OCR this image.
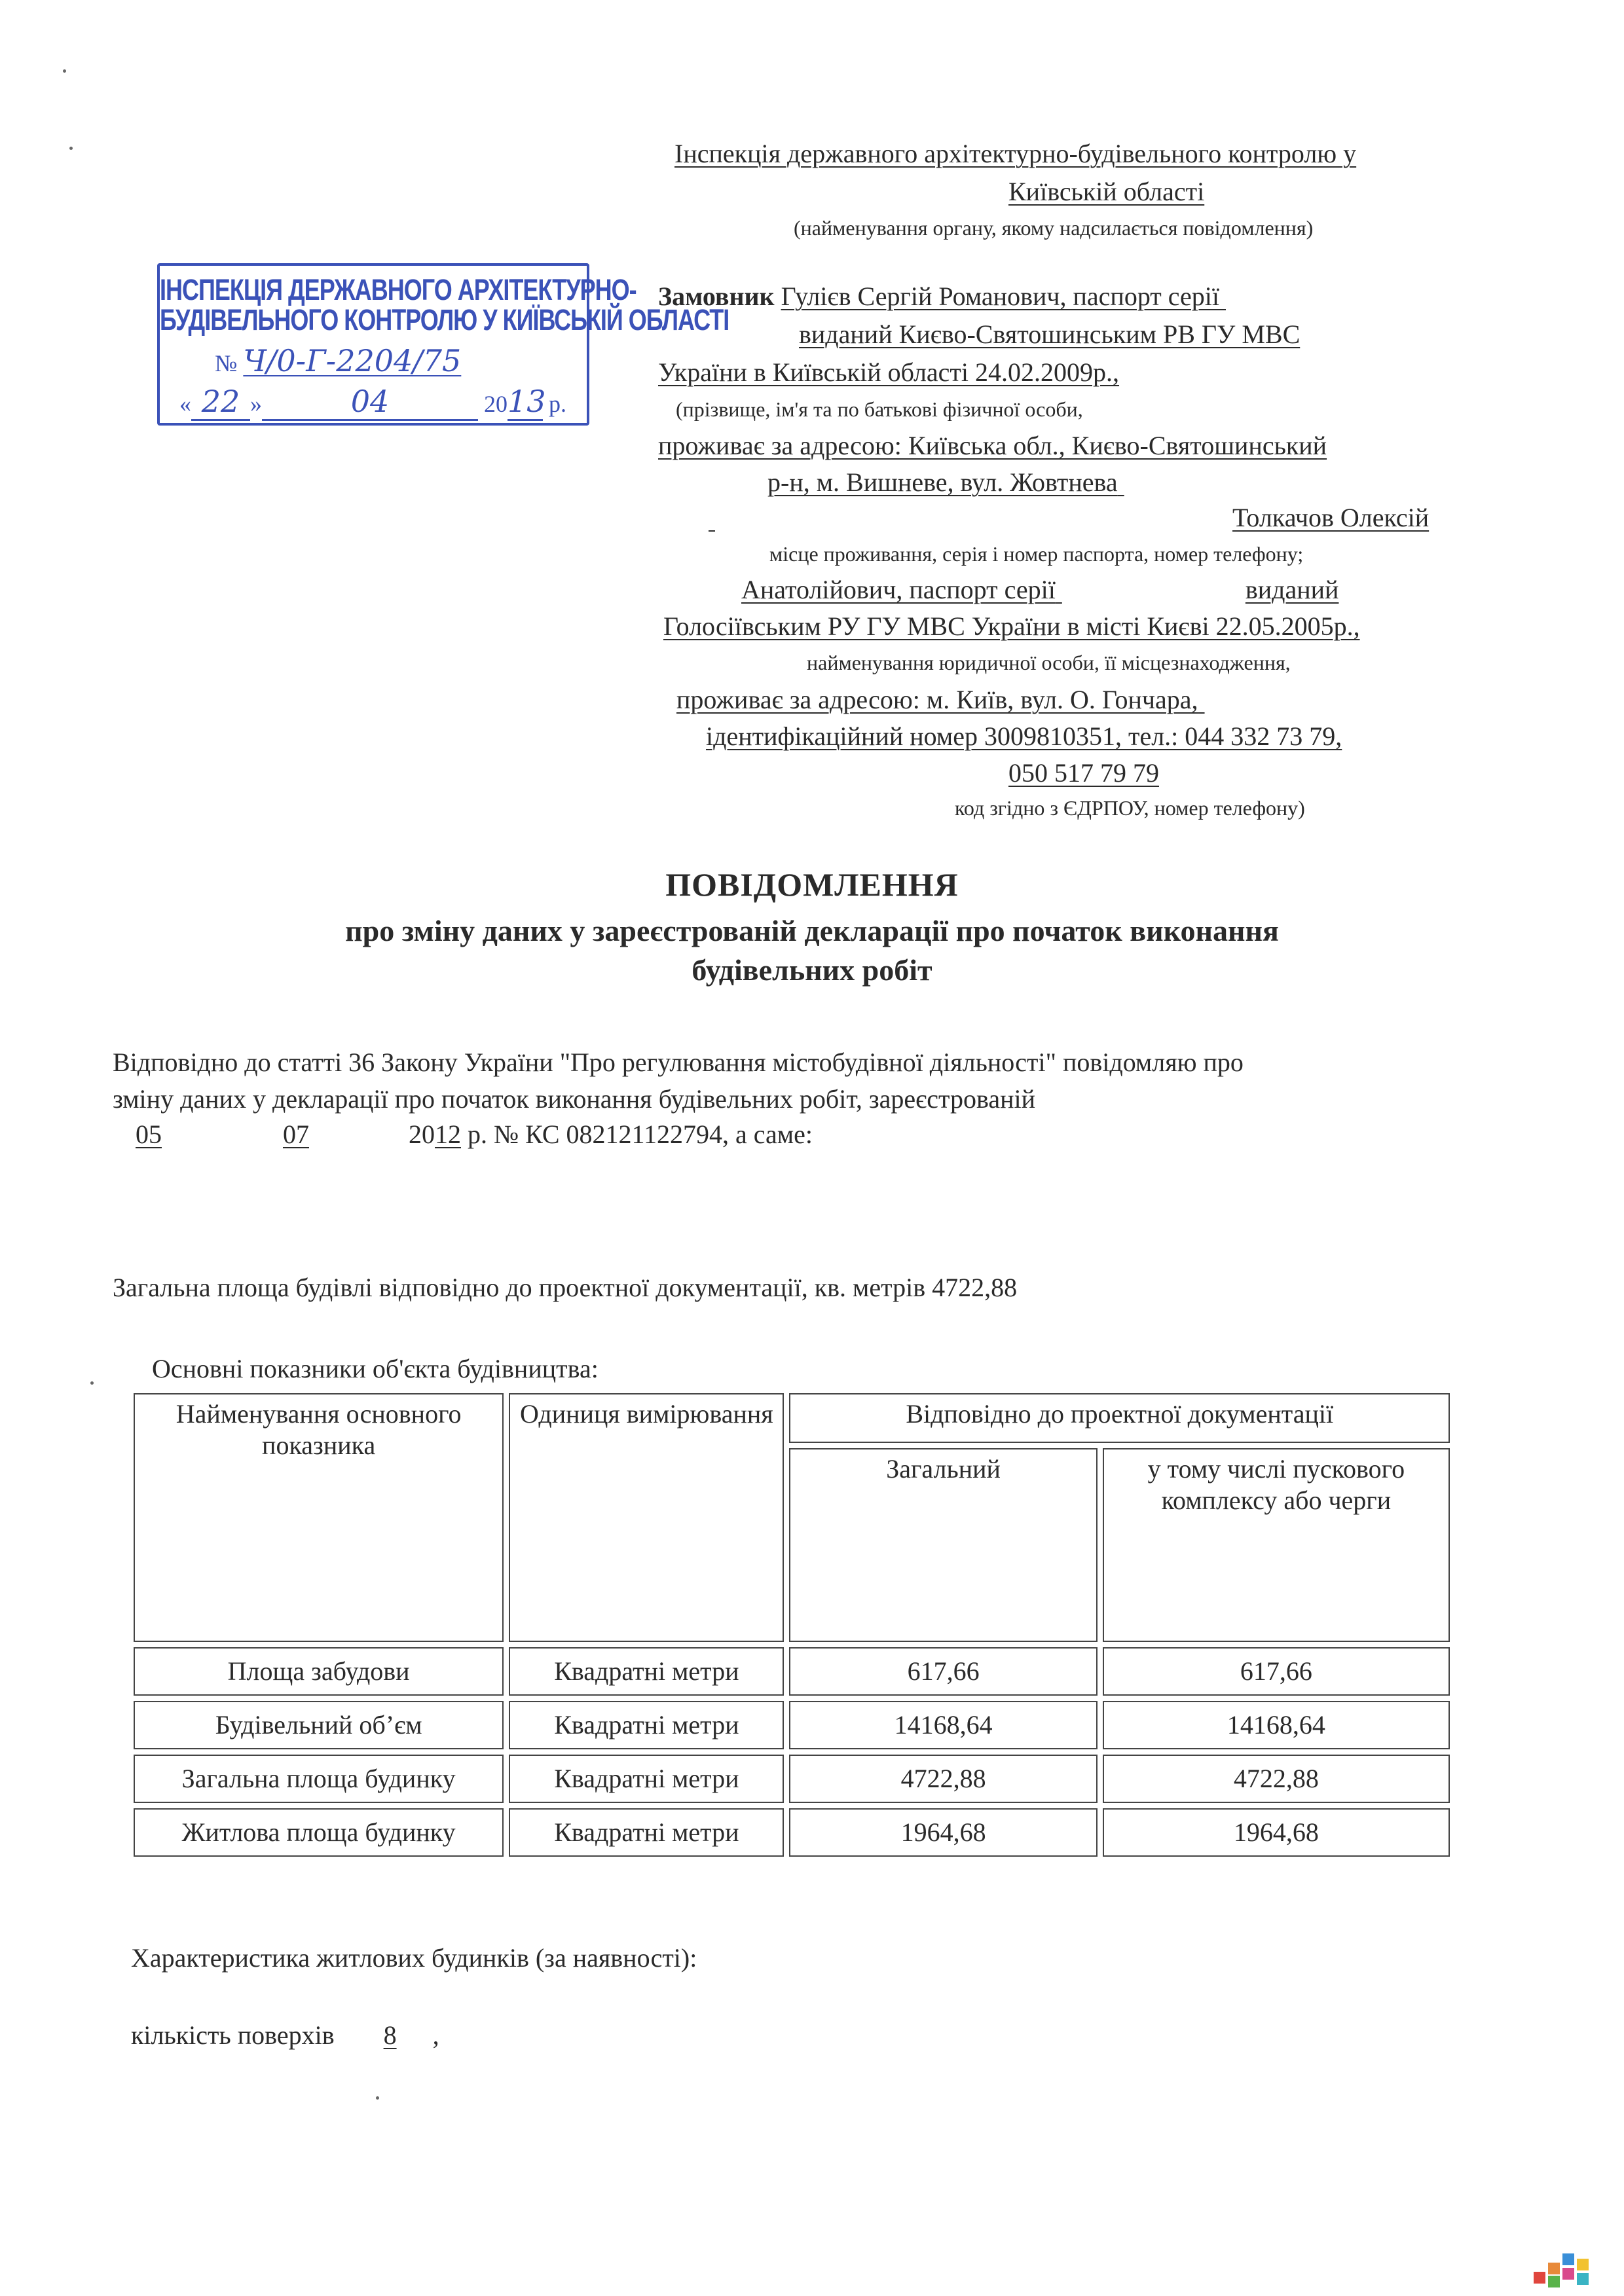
Інспекція державного архітектурно-будівельного контролю у
Київській області
(найменування органу, якому надсилається повідомлення)
ІНСПЕКЦІЯ ДЕРЖАВНОГО АРХІТЕКТУРНО-
БУДІВЕЛЬНОГО КОНТРОЛЮ У КИЇВСЬКІЙ ОБЛАСТІ
№ Ч/0-Г-2204/75
« 22 »	04	2013 р.
Замовник Гулієв Сергій Романович, паспорт серії
виданий Києво-Святошинським РВ ГУ МВС
України в Київській області 24.02.2009р.,
(прізвище, ім'я та по батькові фізичної особи,
проживає за адресою: Київська обл., Києво-Святошинський
р-н, м. Вишневе, вул. Жовтнева
Толкачов Олексій
місце проживання, серія і номер паспорта, номер телефону;
Анатолійович, паспорт серії	виданий
Голосіївським РУ ГУ МВС України в місті Києві 22.05.2005р.,
найменування юридичної особи, її місцезнаходження,
проживає за адресою: м. Київ, вул. О. Гончара,
ідентифікаційний номер 3009810351, тел.: 044 332 73 79,
050 517 79 79
код згідно з ЄДРПОУ, номер телефону)
ПОВІДОМЛЕННЯ
про зміну даних у зареєстрованій декларації про початок виконання
будівельних робіт
Відповідно до статті 36 Закону України "Про регулювання містобудівної діяльності" повідомляю про
зміну даних у декларації про початок виконання будівельних робіт, зареєстрованій
05	07	2012 р. № КС 082121122794, а саме:
Загальна площа будівлі відповідно до проектної документації, кв. метрів 4722,88
Основні показники об'єкта будівництва:
Найменування основного показника	Одиниця вимірювання	Відповідно до проектної документації	
		Загальний	у тому числі пускового комплексу або черги
Площа забудови	Квадратні метри	617,66	617,66
Будівельний об’єм	Квадратні метри	14168,64	14168,64
Загальна площа будинку	Квадратні метри	4722,88	4722,88
Житлова площа будинку	Квадратні метри	1964,68	1964,68
Характеристика житлових будинків (за наявності):
кількість поверхів 8 ,
